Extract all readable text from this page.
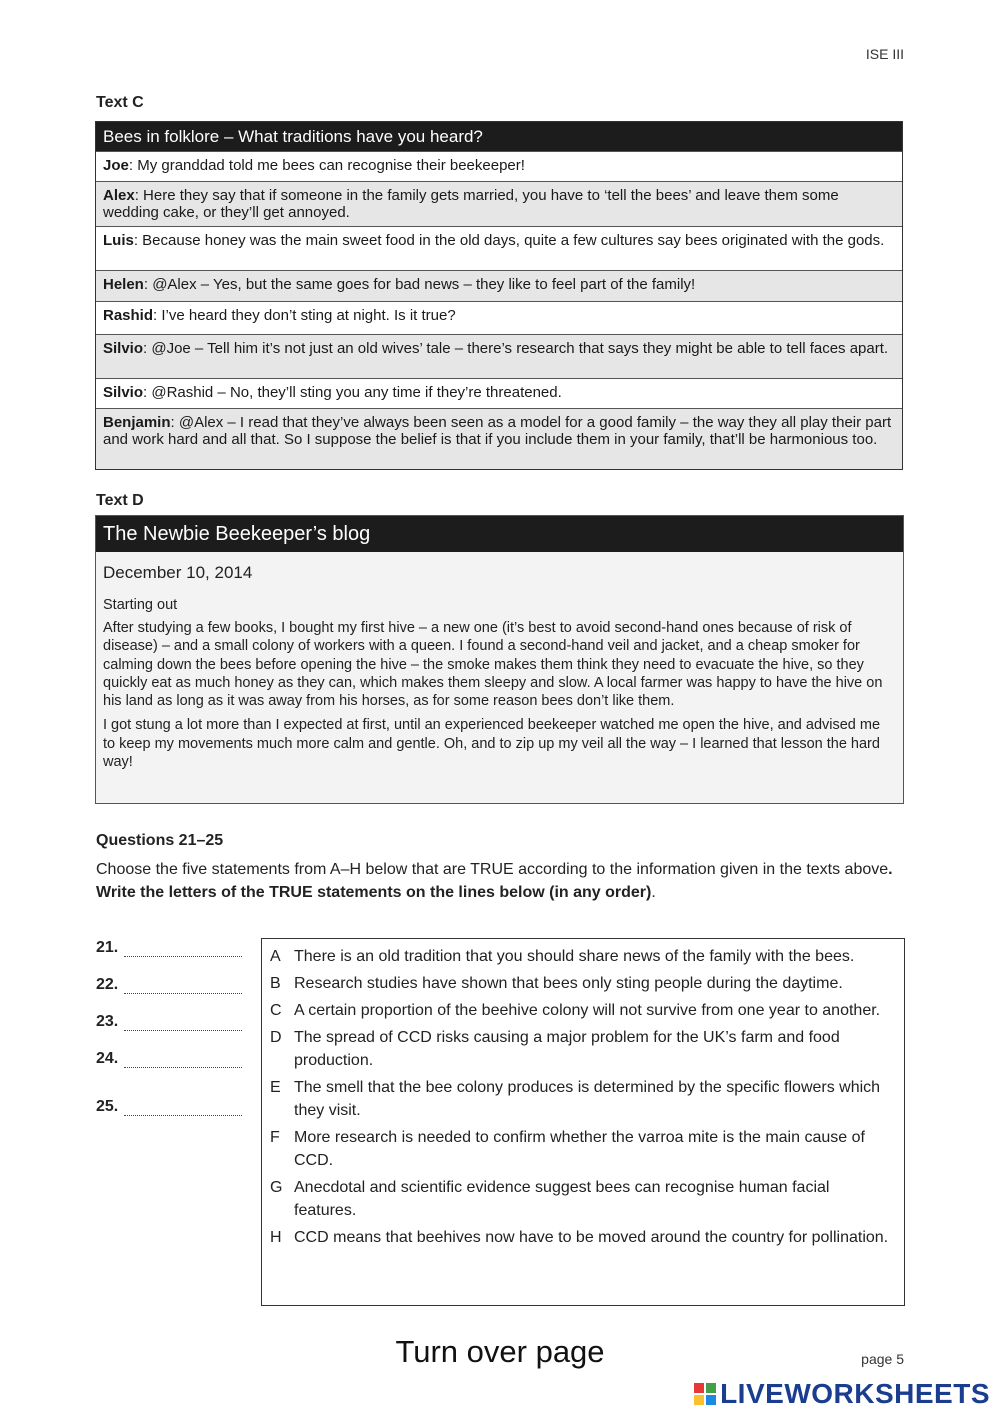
ISE III
Text C
Bees in folklore – What traditions have you heard?
Joe: My granddad told me bees can recognise their beekeeper!
Alex: Here they say that if someone in the family gets married, you have to ‘tell the bees’ and leave them some wedding cake, or they’ll get annoyed.
Luis: Because honey was the main sweet food in the old days, quite a few cultures say bees originated with the gods.
Helen: @Alex – Yes, but the same goes for bad news – they like to feel part of the family!
Rashid: I’ve heard they don’t sting at night. Is it true?
Silvio: @Joe – Tell him it’s not just an old wives’ tale – there’s research that says they might be able to tell faces apart.
Silvio: @Rashid – No, they’ll sting you any time if they’re threatened.
Benjamin: @Alex – I read that they’ve always been seen as a model for a good family – the way they all play their part and work hard and all that. So I suppose the belief is that if you include them in your family, that’ll be harmonious too.
Text D
The Newbie Beekeeper’s blog
December 10, 2014
Starting out
After studying a few books, I bought my first hive – a new one (it’s best to avoid second-hand ones because of risk of disease) – and a small colony of workers with a queen. I found a second-hand veil and jacket, and a cheap smoker for calming down the bees before opening the hive – the smoke makes them think they need to evacuate the hive, so they quickly eat as much honey as they can, which makes them sleepy and slow. A local farmer was happy to have the hive on his land as long as it was away from his horses, as for some reason bees don’t like them.
I got stung a lot more than I expected at first, until an experienced beekeeper watched me open the hive, and advised me to keep my movements much more calm and gentle. Oh, and to zip up my veil all the way – I learned that lesson the hard way!
Questions 21–25
Choose the five statements from A–H below that are TRUE according to the information given in the texts above. Write the letters of the TRUE statements on the lines below (in any order).
21.
22.
23.
24.
25.
A There is an old tradition that you should share news of the family with the bees.
B Research studies have shown that bees only sting people during the daytime.
C A certain proportion of the beehive colony will not survive from one year to another.
D The spread of CCD risks causing a major problem for the UK’s farm and food production.
E The smell that the bee colony produces is determined by the specific flowers which they visit.
F More research is needed to confirm whether the varroa mite is the main cause of CCD.
G Anecdotal and scientific evidence suggest bees can recognise human facial features.
H CCD means that beehives now have to be moved around the country for pollination.
Turn over page	page 5
LIVEWORKSHEETS
